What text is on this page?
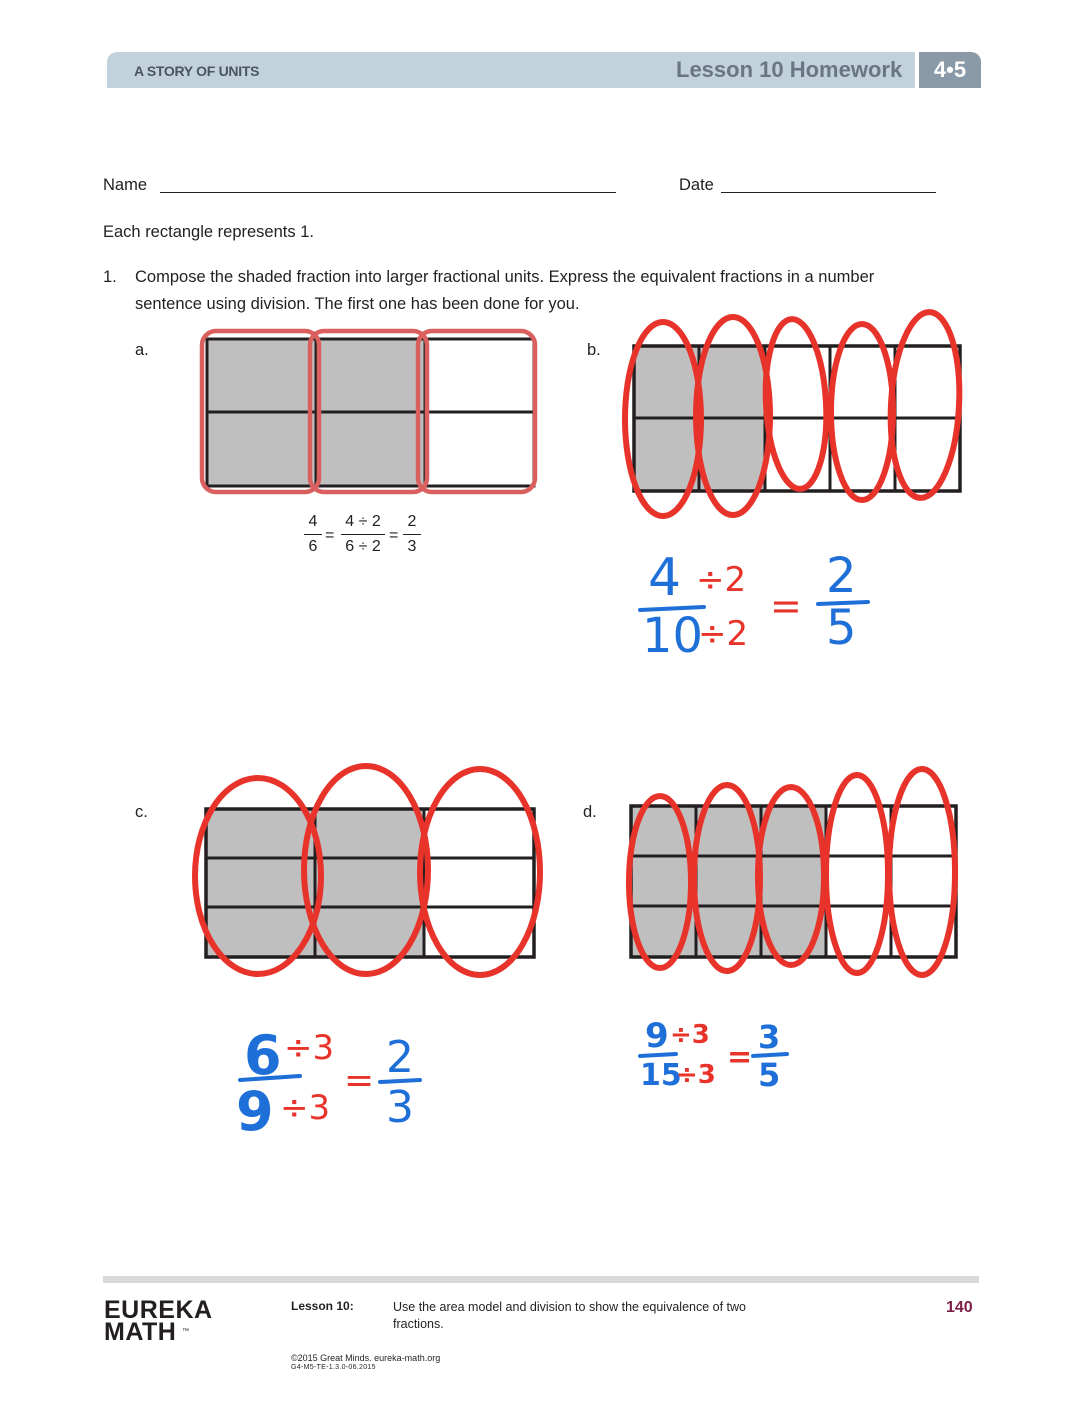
A STORY OF UNITS	Lesson 10 Homework	4•5
Name	Date
Each rectangle represents 1.
1. Compose the shaded fraction into larger fractional units. Express the equivalent fractions in a number
sentence using division. The first one has been done for you.
a.	b.
c.	d.
4
6
=
4 ÷ 2
6 ÷ 2
=
2
3
4 ÷2
10
÷2
=
2
5
6 ÷3
9 ÷3
= 2
3
9 ÷3
15
÷3 =
3
5
EUREKA
MATH ™
Lesson 10:	Use the area model and division to show the equivalence of two fractions.
140
©2015 Great Minds. eureka-math.org
G4-M5-TE-1.3.0-06.2015
